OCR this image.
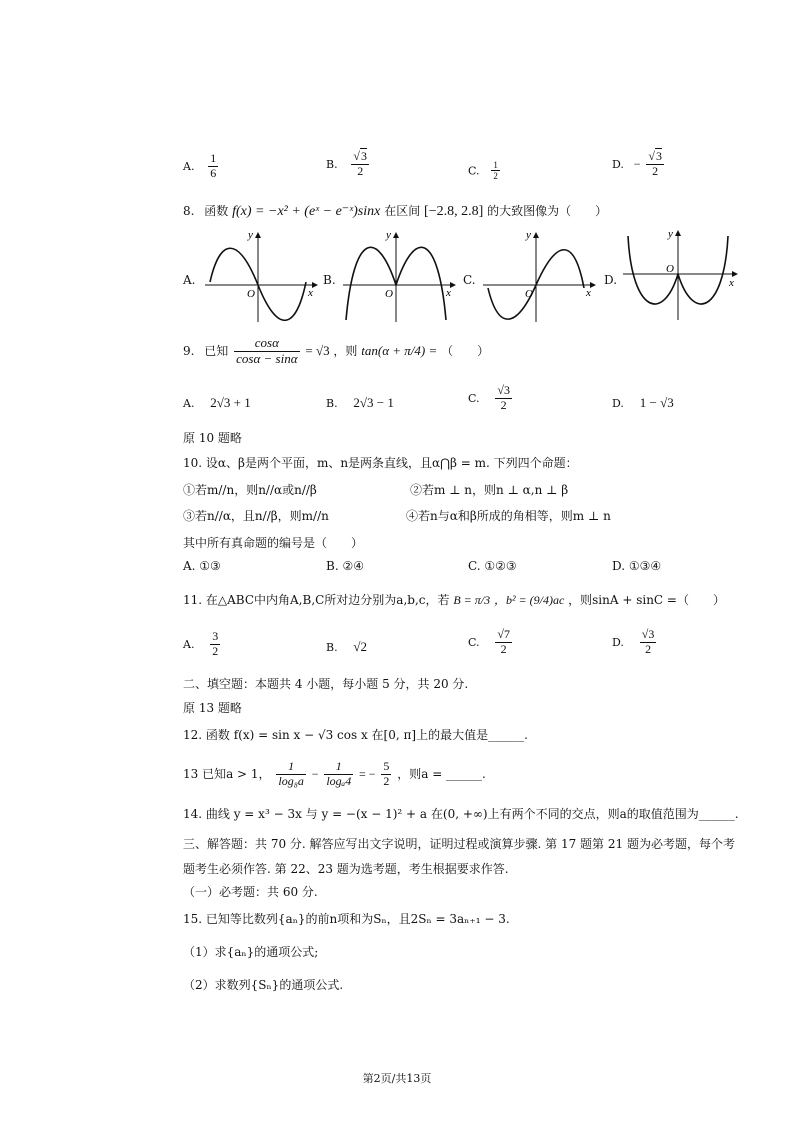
A. $\frac{1}{6}$	B. $\frac{√3}{2}$	C. $\frac{1}{2}$	D. − $\frac{√3}{2}$
8. 函数 f(x) = −x² + (eˣ − e⁻ˣ)sinx 在区间 [−2.8, 2.8] 的大致图像为（　　）
A.
y
x
O
B.
y
x
O
C.
y
x
O
D.
y
x
O
9. 已知 $\frac{\cos\alpha}{\cos\alpha - \sin\alpha} = √3$ ，则 tan(α + π/4) = （　　）
A. 2√3 + 1	B. 2√3 − 1	C. $\frac{√3}{2}$	D. 1 − √3
原 10 题略
10. 设α、β是两个平面，m、n是两条直线，且α⋂β = m. 下列四个命题：
①若m//n，则n//α或n//β	②若m ⊥ n，则n ⊥ α,n ⊥ β
③若n//α，且n//β，则m//n	④若n与α和β所成的角相等，则m ⊥ n
其中所有真命题的编号是（　　）
A. ①③	B. ②④	C. ①②③	D. ①③④
11. 在△ABC中内角A,B,C所对边分别为a,b,c，若 B = π/3 ，b² = (9/4)ac ，则sinA + sinC =（　　）
A. $\frac{3}{2}$	B. √2	C. $\frac{√7}{2}$	D. $\frac{√3}{2}$
二、填空题：本题共 4 小题，每小题 5 分，共 20 分.
原 13 题略
12. 函数 f(x) = sin x − √3 cos x 在[0, π]上的最大值是______.
13 已知a > 1， $\frac{1}{\text{log₈a}} - \frac{1}{\text{logₐ4}}$ = − $\frac{5}{2}$ ，则a = ______.
14. 曲线 y = x³ − 3x 与 y = −(x − 1)² + a 在(0, +∞)上有两个不同的交点，则a的取值范围为______.
三、解答题：共 70 分. 解答应写出文字说明，证明过程或演算步骤. 第 17 题第 21 题为必考题，每个考
题考生必须作答. 第 22、23 题为选考题，考生根据要求作答.
（一）必考题：共 60 分.
15. 已知等比数列{aₙ}的前n项和为Sₙ，且2Sₙ = 3aₙ₊₁ − 3.
（1）求{aₙ}的通项公式;
（2）求数列{Sₙ}的通项公式.
第2页/共13页
